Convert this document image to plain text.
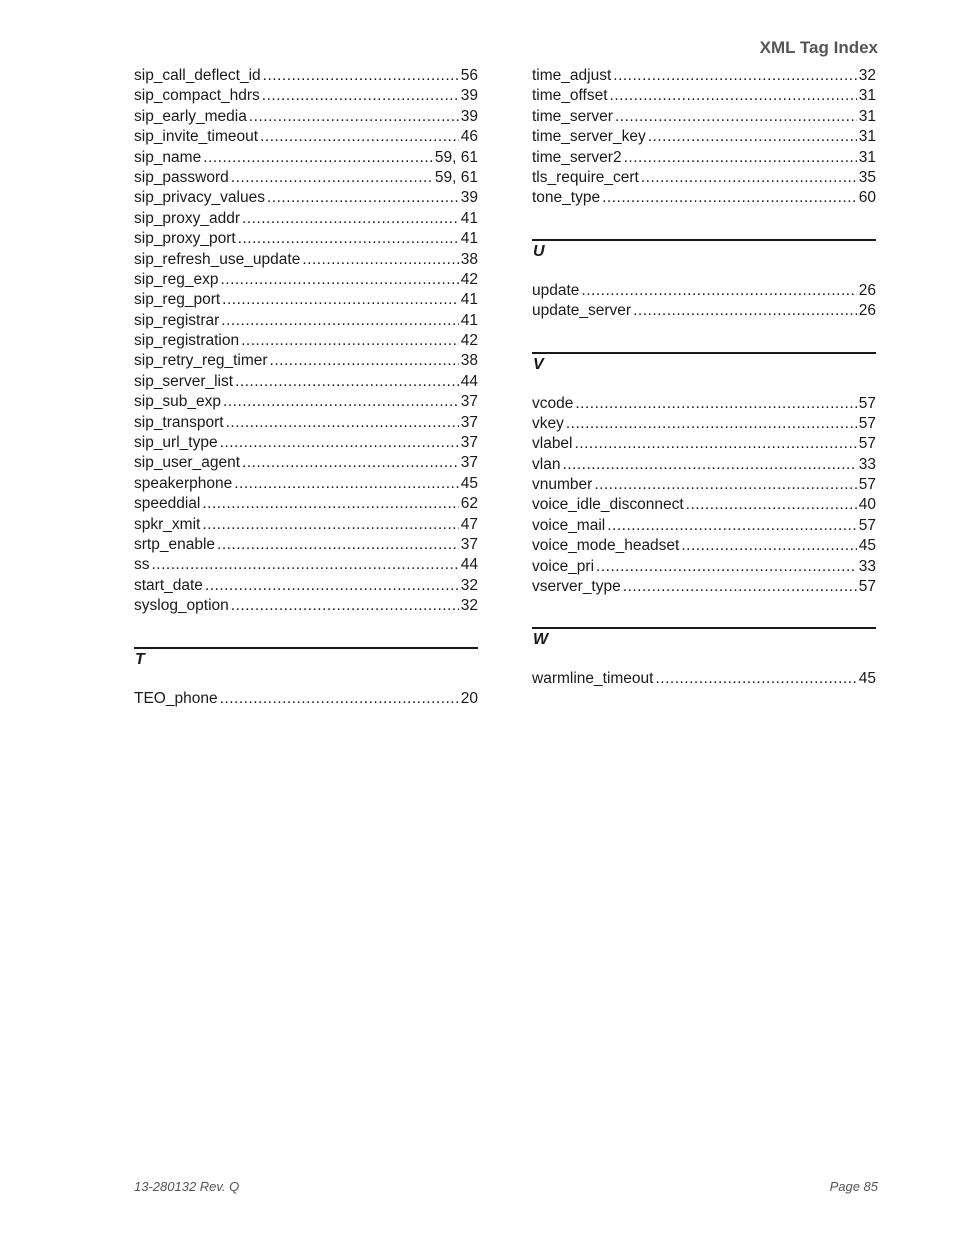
XML Tag Index
sip_call_deflect_id .....	56
sip_compact_hdrs .....	39
sip_early_media .....	39
sip_invite_timeout .....	46
sip_name .....	59, 61
sip_password .....	59, 61
sip_privacy_values .....	39
sip_proxy_addr .....	41
sip_proxy_port .....	41
sip_refresh_use_update .....	38
sip_reg_exp .....	42
sip_reg_port .....	41
sip_registrar .....	41
sip_registration .....	42
sip_retry_reg_timer .....	38
sip_server_list .....	44
sip_sub_exp .....	37
sip_transport .....	37
sip_url_type .....	37
sip_user_agent .....	37
speakerphone .....	45
speeddial .....	62
spkr_xmit .....	47
srtp_enable .....	37
ss .....	44
start_date .....	32
syslog_option .....	32
T
TEO_phone .....	20
time_adjust .....	32
time_offset .....	31
time_server .....	31
time_server_key .....	31
time_server2 .....	31
tls_require_cert .....	35
tone_type .....	60
U
update .....	26
update_server .....	26
V
vcode .....	57
vkey .....	57
vlabel .....	57
vlan .....	33
vnumber .....	57
voice_idle_disconnect .....	40
voice_mail .....	57
voice_mode_headset .....	45
voice_pri .....	33
vserver_type .....	57
W
warmline_timeout .....	45
13-280132 Rev. Q	Page 85
